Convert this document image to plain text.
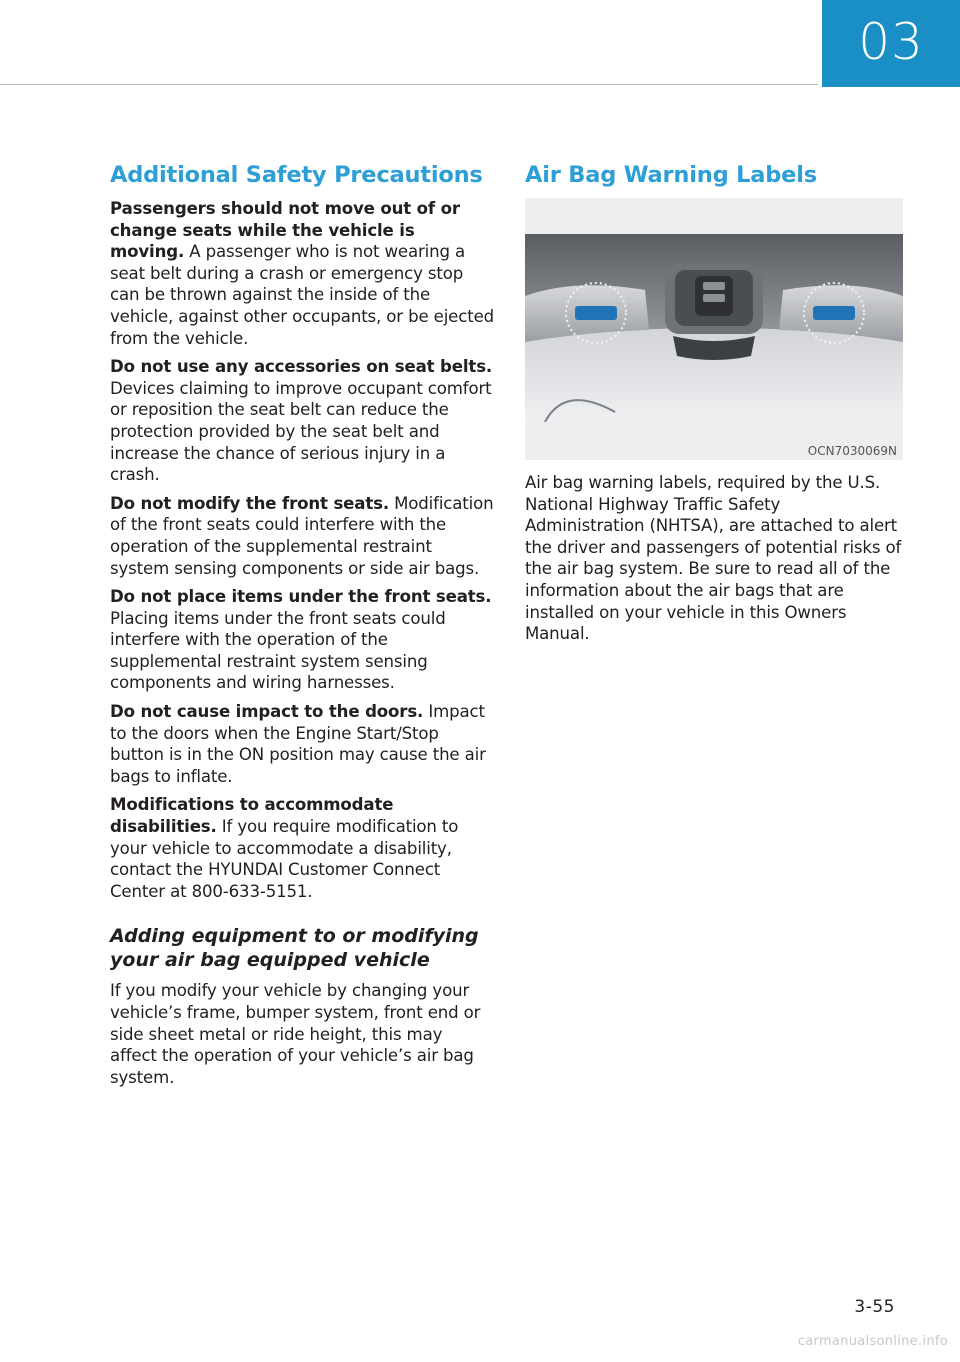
03
Additional Safety Precautions

Passengers should not move out of or change seats while the vehicle is moving. A passenger who is not wearing a seat belt during a crash or emergency stop can be thrown against the inside of the vehicle, against other occupants, or be ejected from the vehicle.

Do not use any accessories on seat belts. Devices claiming to improve occupant comfort or reposition the seat belt can reduce the protection provided by the seat belt and increase the chance of serious injury in a crash.

Do not modify the front seats. Modification of the front seats could interfere with the operation of the supplemental restraint system sensing components or side air bags.

Do not place items under the front seats. Placing items under the front seats could interfere with the operation of the supplemental restraint system sensing components and wiring harnesses.

Do not cause impact to the doors. Impact to the doors when the Engine Start/Stop button is in the ON position may cause the air bags to inflate.

Modifications to accommodate disabilities. If you require modification to your vehicle to accommodate a disability, contact the HYUNDAI Customer Connect Center at 800-633-5151.

Adding equipment to or modifying your air bag equipped vehicle

If you modify your vehicle by changing your vehicle’s frame, bumper system, front end or side sheet metal or ride height, this may affect the operation of your vehicle’s air bag system.

Air Bag Warning Labels
OCN7030069N

Air bag warning labels, required by the U.S. National Highway Traffic Safety Administration (NHTSA), are attached to alert the driver and passengers of potential risks of the air bag system. Be sure to read all of the information about the air bags that are installed on your vehicle in this Owners Manual.

3-55
carmanualsonline.info
